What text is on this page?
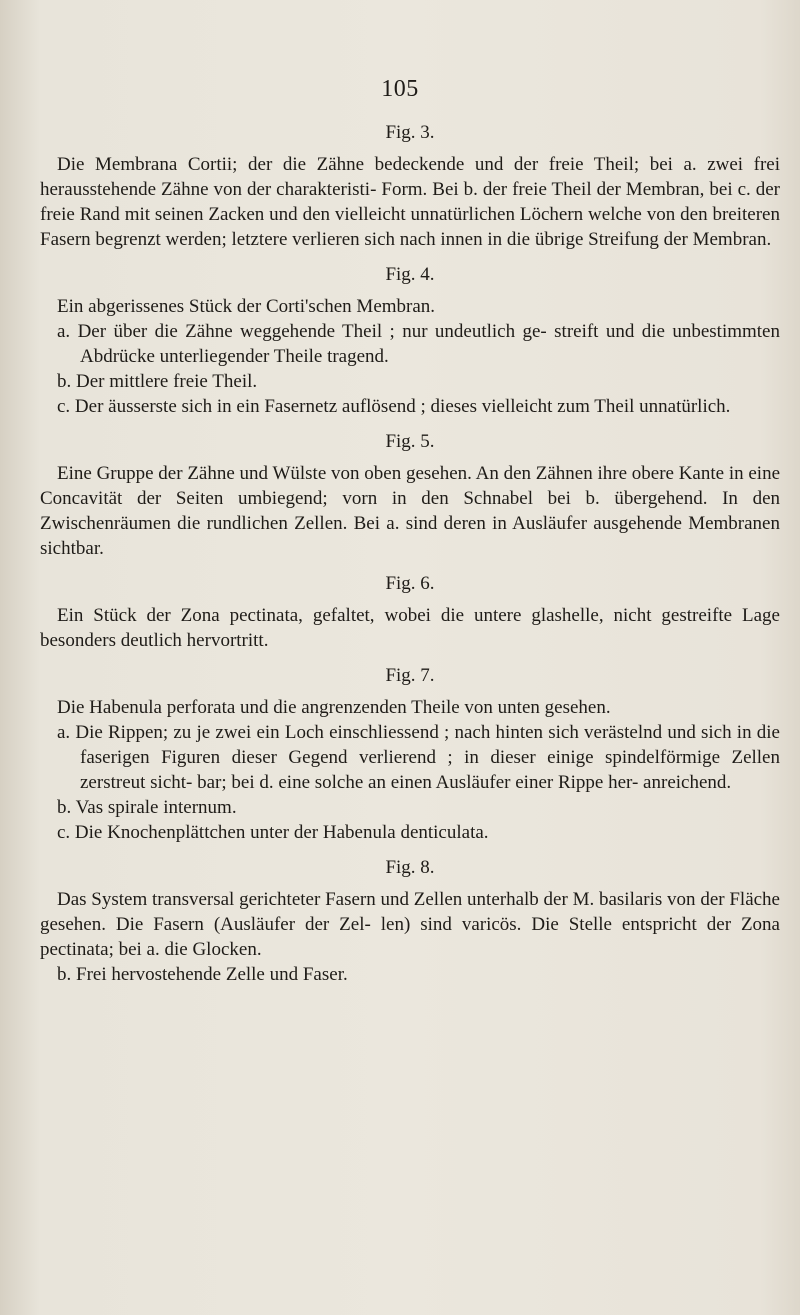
105
Fig. 3.

Die Membrana Cortii; der die Zähne bedeckende und der freie Theil; bei a. zwei frei herausstehende Zähne von der charakteristi- Form. Bei b. der freie Theil der Membran, bei c. der freie Rand mit seinen Zacken und den vielleicht unnatürlichen Löchern welche von den breiteren Fasern begrenzt werden; letztere verlieren sich nach innen in die übrige Streifung der Membran.

Fig. 4.

Ein abgerissenes Stück der Corti'schen Membran.

a. Der über die Zähne weggehende Theil ; nur undeutlich ge- streift und die unbestimmten Abdrücke unterliegender Theile tragend.

b. Der mittlere freie Theil.

c. Der äusserste sich in ein Fasernetz auflösend ; dieses vielleicht zum Theil unnatürlich.

Fig. 5.

Eine Gruppe der Zähne und Wülste von oben gesehen. An den Zähnen ihre obere Kante in eine Concavität der Seiten umbiegend; vorn in den Schnabel bei b. übergehend. In den Zwischenräumen die rundlichen Zellen. Bei a. sind deren in Ausläufer ausgehende Membranen sichtbar.

Fig. 6.

Ein Stück der Zona pectinata, gefaltet, wobei die untere glashelle, nicht gestreifte Lage besonders deutlich hervortritt.

Fig. 7.

Die Habenula perforata und die angrenzenden Theile von unten gesehen.

a. Die Rippen; zu je zwei ein Loch einschliessend ; nach hinten sich verästelnd und sich in die faserigen Figuren dieser Gegend verlierend ; in dieser einige spindelförmige Zellen zerstreut sicht- bar; bei d. eine solche an einen Ausläufer einer Rippe her- anreichend.

b. Vas spirale internum.

c. Die Knochenplättchen unter der Habenula denticulata.

Fig. 8.

Das System transversal gerichteter Fasern und Zellen unterhalb der M. basilaris von der Fläche gesehen. Die Fasern (Ausläufer der Zel- len) sind varicös. Die Stelle entspricht der Zona pectinata; bei a. die Glocken.

b. Frei hervostehende Zelle und Faser.
